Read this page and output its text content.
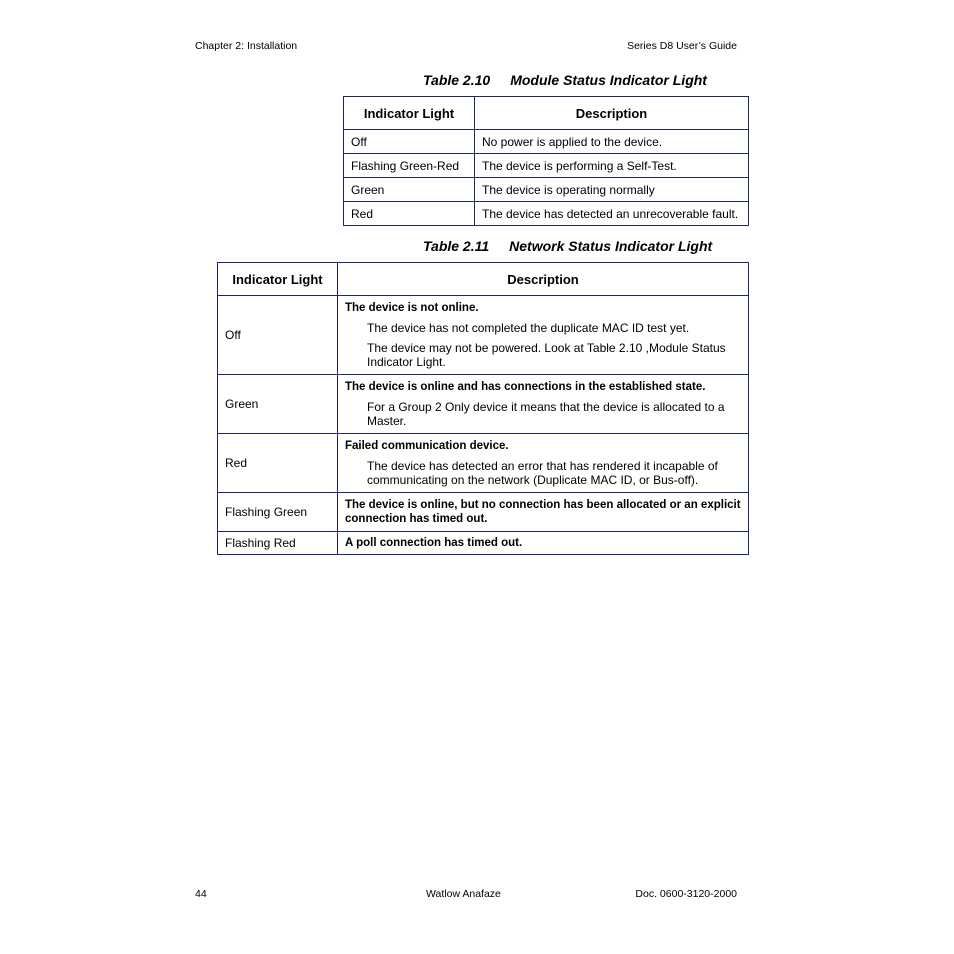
Chapter 2: Installation	Series D8 User’s Guide
Table 2.10 Module Status Indicator Light
Indicator Light	Description
Off	No power is applied to the device.
Flashing Green-Red	The device is performing a Self-Test.
Green	The device is operating normally
Red	The device has detected an unrecoverable fault.
Table 2.11 Network Status Indicator Light
Indicator Light	Description
Off	The device is not online.
The device has not completed the duplicate MAC ID test yet.
The device may not be powered. Look at Table 2.10 ,Module Status Indicator Light.

Green	The device is online and has connections in the established state.
For a Group 2 Only device it means that the device is allocated to a Master.

Red	Failed communication device.
The device has detected an error that has rendered it incapable of communicating on the network (Duplicate MAC ID, or Bus-off).

Flashing Green	The device is online, but no connection has been allocated or an explicit connection has timed out.

Flashing Red	A poll connection has timed out.
44	Watlow Anafaze	Doc. 0600-3120-2000
